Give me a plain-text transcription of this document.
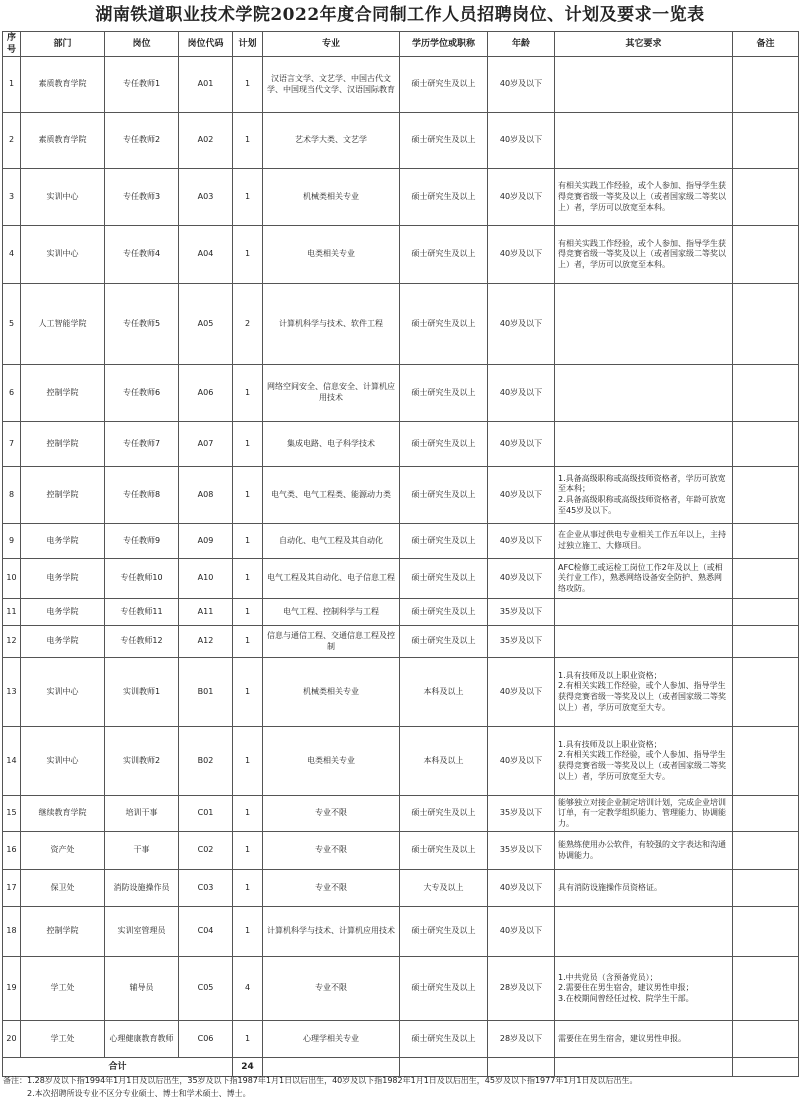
湖南铁道职业技术学院2022年度合同制工作人员招聘岗位、计划及要求一览表
序号	部门	岗位	岗位代码	计划	专业	学历学位或职称	年龄	其它要求	备注
1	素质教育学院	专任教师1	A01	1	汉语言文学、文艺学、中国古代文学、中国现当代文学、汉语国际教育	硕士研究生及以上	40岁及以下		
2	素质教育学院	专任教师2	A02	1	艺术学大类、文艺学	硕士研究生及以上	40岁及以下		
3	实训中心	专任教师3	A03	1	机械类相关专业	硕士研究生及以上	40岁及以下	有相关实践工作经验，或个人参加、指导学生获得竞赛省级一等奖及以上（或者国家级二等奖以上）者，学历可以放宽至本科。	
4	实训中心	专任教师4	A04	1	电类相关专业	硕士研究生及以上	40岁及以下	有相关实践工作经验，或个人参加、指导学生获得竞赛省级一等奖及以上（或者国家级二等奖以上）者，学历可以放宽至本科。	
5	人工智能学院	专任教师5	A05	2	计算机科学与技术、软件工程	硕士研究生及以上	40岁及以下		
6	控制学院	专任教师6	A06	1	网络空间安全、信息安全、计算机应用技术	硕士研究生及以上	40岁及以下		
7	控制学院	专任教师7	A07	1	集成电路、电子科学技术	硕士研究生及以上	40岁及以下		
8	控制学院	专任教师8	A08	1	电气类、电气工程类、能源动力类	硕士研究生及以上	40岁及以下	1.具备高级职称或高级技师资格者，学历可放宽至本科；
2.具备高级职称或高级技师资格者，年龄可放宽至45岁及以下。	
9	电务学院	专任教师9	A09	1	自动化、电气工程及其自动化	硕士研究生及以上	40岁及以下	在企业从事过供电专业相关工作五年以上，主持过独立施工、大修项目。	
10	电务学院	专任教师10	A10	1	电气工程及其自动化、电子信息工程	硕士研究生及以上	40岁及以下	AFC检修工或运检工岗位工作2年及以上（或相关行业工作），熟悉网络设备安全防护、熟悉网络攻防。	
11	电务学院	专任教师11	A11	1	电气工程、控制科学与工程	硕士研究生及以上	35岁及以下		
12	电务学院	专任教师12	A12	1	信息与通信工程、交通信息工程及控制	硕士研究生及以上	35岁及以下		
13	实训中心	实训教师1	B01	1	机械类相关专业	本科及以上	40岁及以下	1.具有技师及以上职业资格；
2.有相关实践工作经验，或个人参加、指导学生获得竞赛省级一等奖及以上（或者国家级二等奖以上）者，学历可放宽至大专。	
14	实训中心	实训教师2	B02	1	电类相关专业	本科及以上	40岁及以下	1.具有技师及以上职业资格；
2.有相关实践工作经验，或个人参加、指导学生获得竞赛省级一等奖及以上（或者国家级二等奖以上）者，学历可放宽至大专。	
15	继续教育学院	培训干事	C01	1	专业不限	硕士研究生及以上	35岁及以下	能够独立对接企业制定培训计划，完成企业培训订单，有一定教学组织能力、管理能力、协调能力。	
16	资产处	干事	C02	1	专业不限	硕士研究生及以上	35岁及以下	能熟练使用办公软件，有较强的文字表达和沟通协调能力。	
17	保卫处	消防设施操作员	C03	1	专业不限	大专及以上	40岁及以下	具有消防设施操作员资格证。	
18	控制学院	实训室管理员	C04	1	计算机科学与技术、计算机应用技术	硕士研究生及以上	40岁及以下		
19	学工处	辅导员	C05	4	专业不限	硕士研究生及以上	28岁及以下	1.中共党员（含预备党员）；
2.需要住在男生宿舍，建议男性申报；
3.在校期间曾经任过校、院学生干部。	
20	学工处	心理健康教育教师	C06	1	心理学相关专业	硕士研究生及以上	28岁及以下	需要住在男生宿舍，建议男性申报。	
合计				24					
备注：1.28岁及以下指1994年1月1日及以后出生，35岁及以下指1987年1月1日以后出生，40岁及以下指1982年1月1日及以后出生，45岁及以下指1977年1月1日及以后出生。
　　　2.本次招聘所设专业不区分专业硕士、博士和学术硕士、博士。
